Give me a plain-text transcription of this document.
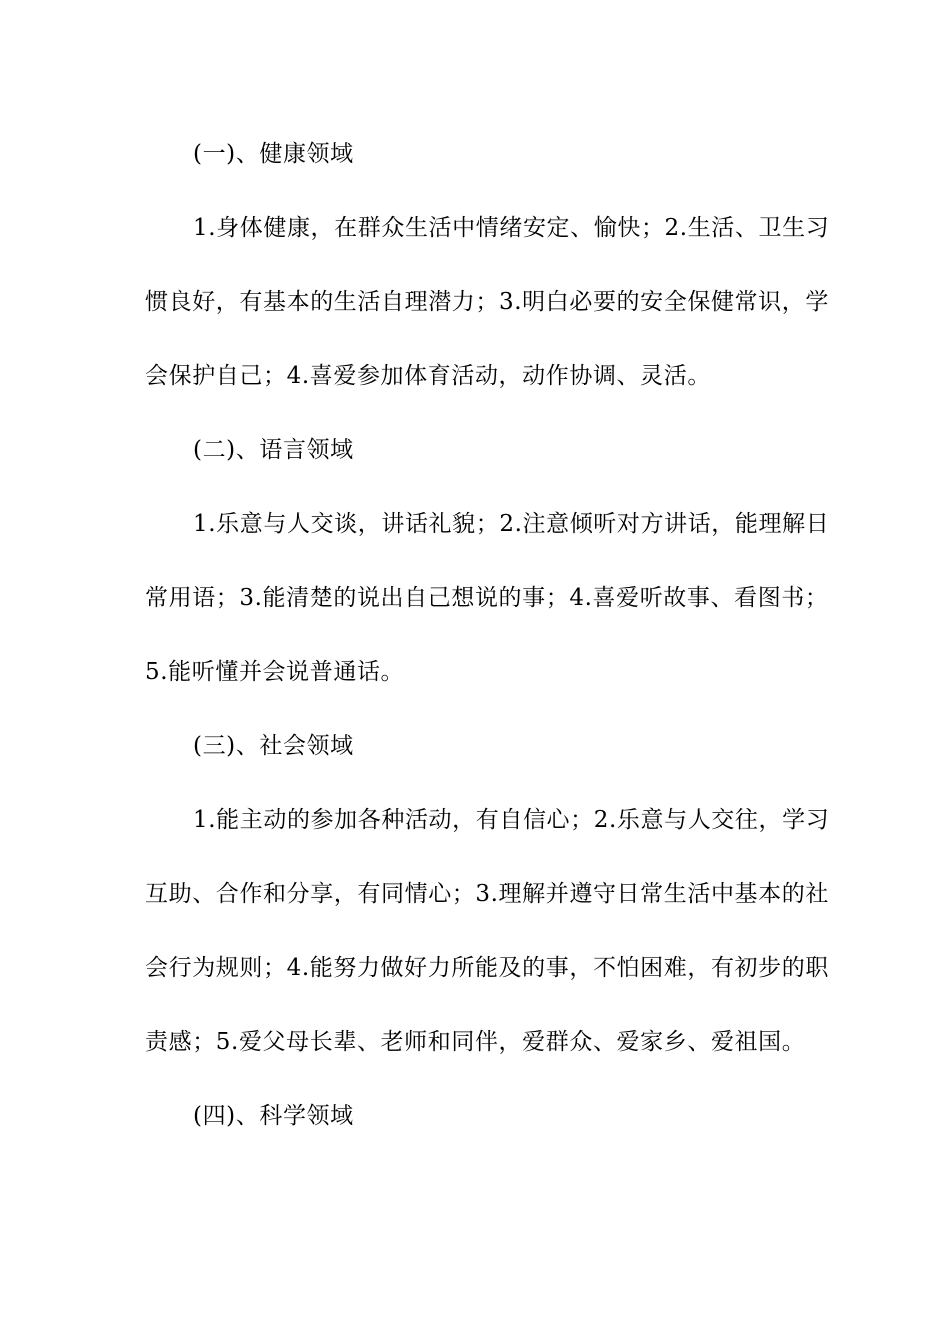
(一)、健康领域

1.身体健康，在群众生活中情绪安定、愉快；2.生活、卫生习惯良好，有基本的生活自理潜力；3.明白必要的安全保健常识，学会保护自己；4.喜爱参加体育活动，动作协调、灵活。

(二)、语言领域

1.乐意与人交谈，讲话礼貌；2.注意倾听对方讲话，能理解日常用语；3.能清楚的说出自己想说的事；4.喜爱听故事、看图书；5.能听懂并会说普通话。

(三)、社会领域

1.能主动的参加各种活动，有自信心；2.乐意与人交往，学习互助、合作和分享，有同情心；3.理解并遵守日常生活中基本的社会行为规则；4.能努力做好力所能及的事，不怕困难，有初步的职责感；5.爱父母长辈、老师和同伴，爱群众、爱家乡、爱祖国。

(四)、科学领域
